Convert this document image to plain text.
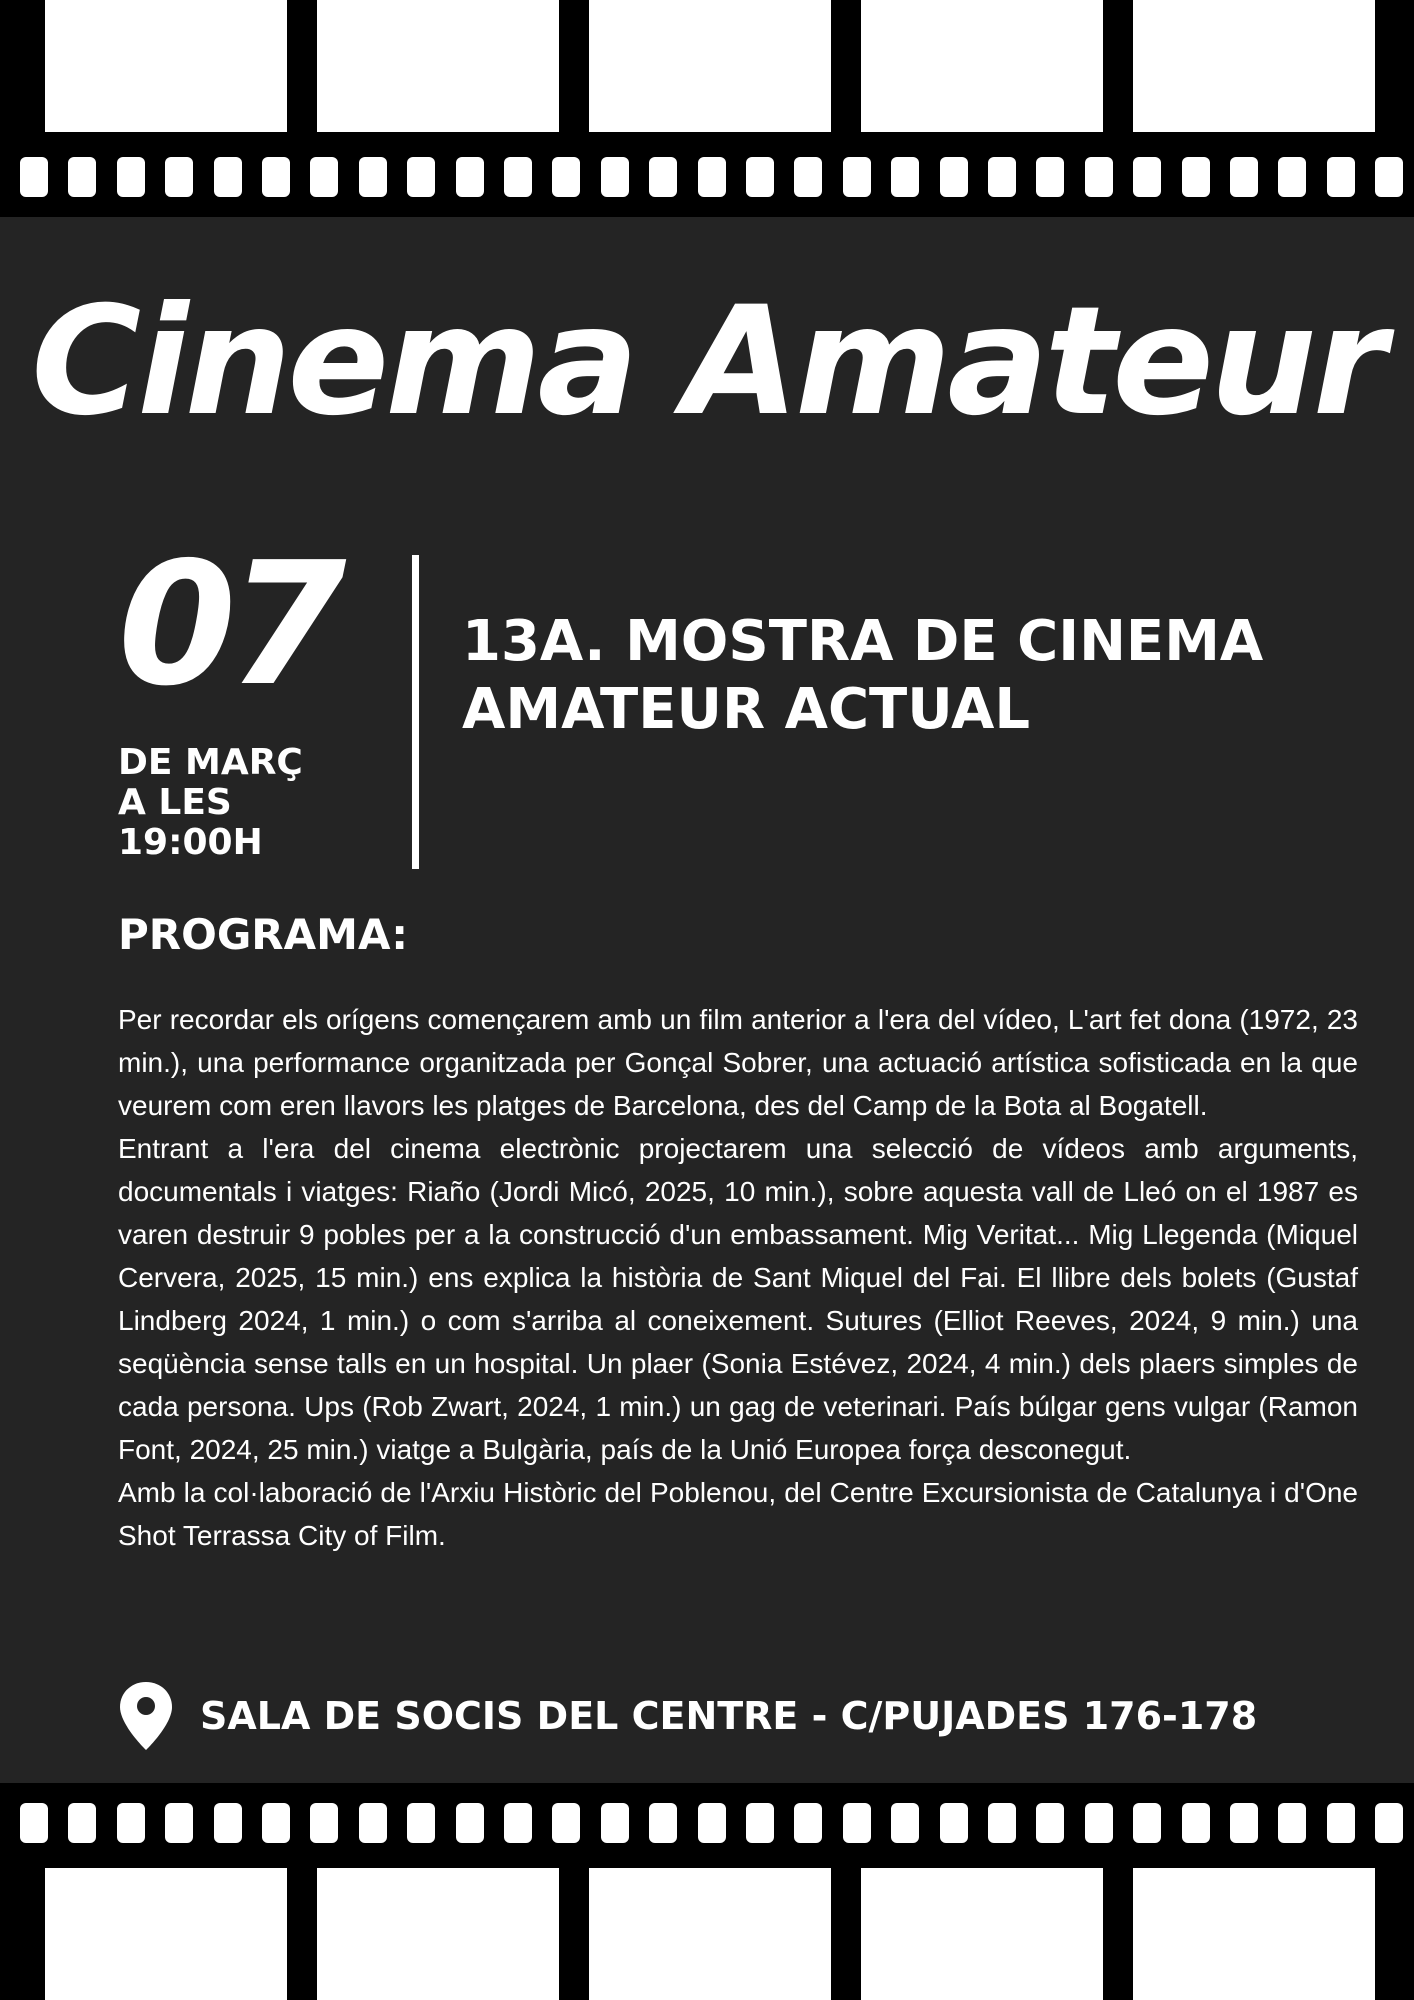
Cinema Amateur
07
DE MARÇ
A LES
19:00H
13A. MOSTRA DE CINEMA
AMATEUR ACTUAL
PROGRAMA:

Per recordar els orígens començarem amb un film anterior a l'era del vídeo, L'art fet dona (1972, 23 min.), una performance organitzada per Gonçal Sobrer, una actuació artística sofisticada en la que veurem com eren llavors les platges de Barcelona, des del Camp de la Bota al Bogatell.

Entrant a l'era del cinema electrònic projectarem una selecció de vídeos amb arguments, documentals i viatges: Riaño (Jordi Micó, 2025, 10 min.), sobre aquesta vall de Lleó on el 1987 es varen destruir 9 pobles per a la construcció d'un embassament. Mig Veritat... Mig Llegenda (Miquel Cervera, 2025, 15 min.) ens explica la història de Sant Miquel del Fai. El llibre dels bolets (Gustaf Lindberg 2024, 1 min.) o com s'arriba al coneixement. Sutures (Elliot Reeves, 2024, 9 min.) una seqüència sense talls en un hospital. Un plaer (Sonia Estévez, 2024, 4 min.) dels plaers simples de cada persona. Ups (Rob Zwart, 2024, 1 min.) un gag de veterinari. País búlgar gens vulgar (Ramon Font, 2024, 25 min.) viatge a Bulgària, país de la Unió Europea força desconegut.

Amb la col·laboració de l'Arxiu Històric del Poblenou, del Centre Excursionista de Catalunya i d'One Shot Terrassa City of Film.

SALA DE SOCIS DEL CENTRE - C/PUJADES 176-178
